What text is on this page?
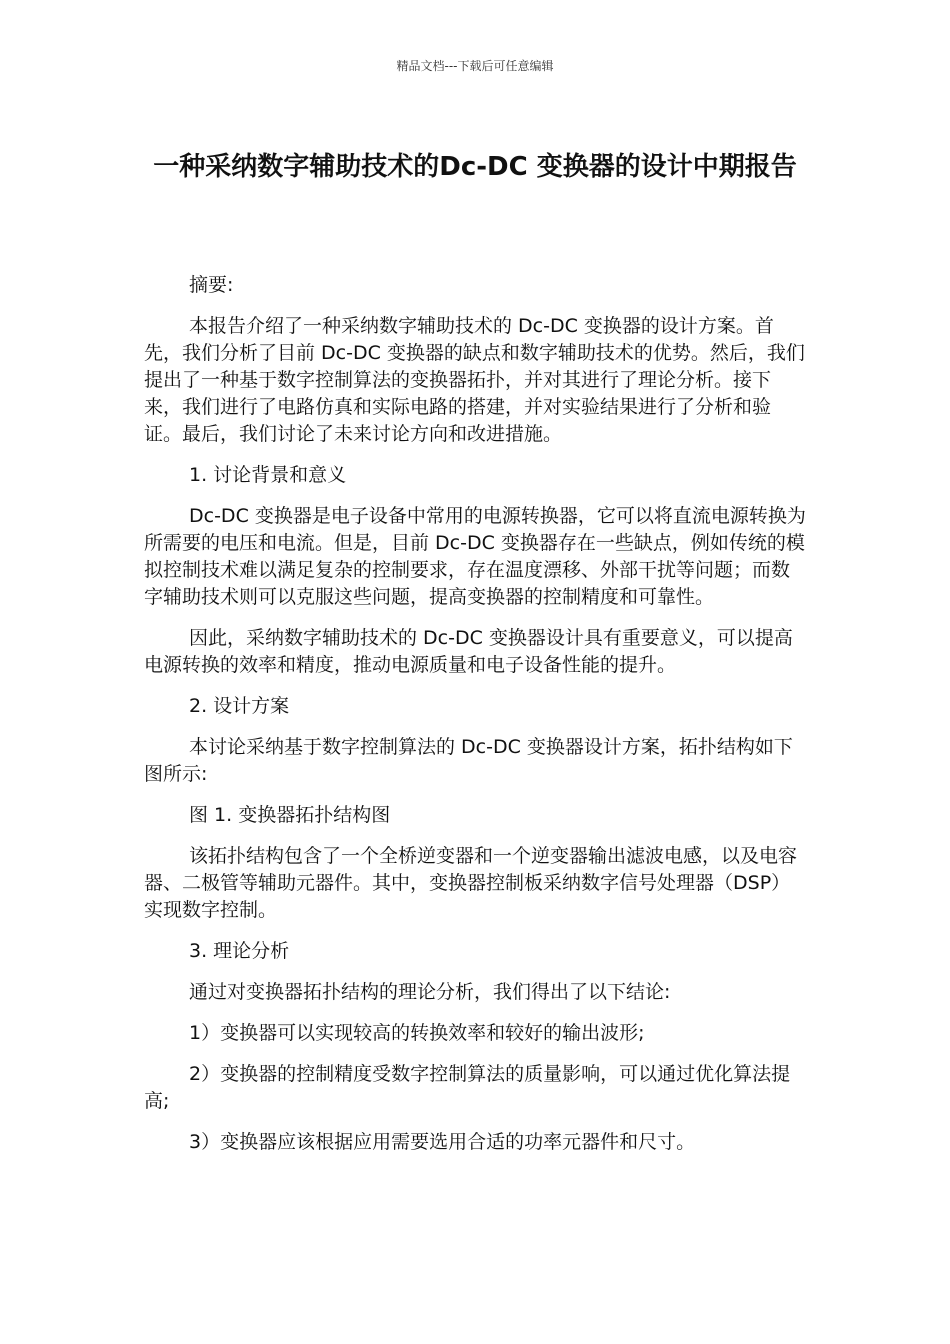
精品文档---下载后可任意编辑
一种采纳数字辅助技术的Dc-DC 变换器的设计中期报告

摘要:

本报告介绍了一种采纳数字辅助技术的 Dc-DC 变换器的设计方案。首先，我们分析了目前 Dc-DC 变换器的缺点和数字辅助技术的优势。然后，我们提出了一种基于数字控制算法的变换器拓扑，并对其进行了理论分析。接下来，我们进行了电路仿真和实际电路的搭建，并对实验结果进行了分析和验证。最后，我们讨论了未来讨论方向和改进措施。

1. 讨论背景和意义

Dc-DC 变换器是电子设备中常用的电源转换器，它可以将直流电源转换为所需要的电压和电流。但是，目前 Dc-DC 变换器存在一些缺点，例如传统的模拟控制技术难以满足复杂的控制要求，存在温度漂移、外部干扰等问题；而数字辅助技术则可以克服这些问题，提高变换器的控制精度和可靠性。

因此，采纳数字辅助技术的 Dc-DC 变换器设计具有重要意义，可以提高电源转换的效率和精度，推动电源质量和电子设备性能的提升。

2. 设计方案

本讨论采纳基于数字控制算法的 Dc-DC 变换器设计方案，拓扑结构如下图所示:

图 1. 变换器拓扑结构图

该拓扑结构包含了一个全桥逆变器和一个逆变器输出滤波电感，以及电容器、二极管等辅助元器件。其中，变换器控制板采纳数字信号处理器（DSP）实现数字控制。

3. 理论分析

通过对变换器拓扑结构的理论分析，我们得出了以下结论:

1）变换器可以实现较高的转换效率和较好的输出波形;

2）变换器的控制精度受数字控制算法的质量影响，可以通过优化算法提高;

3）变换器应该根据应用需要选用合适的功率元器件和尺寸。
